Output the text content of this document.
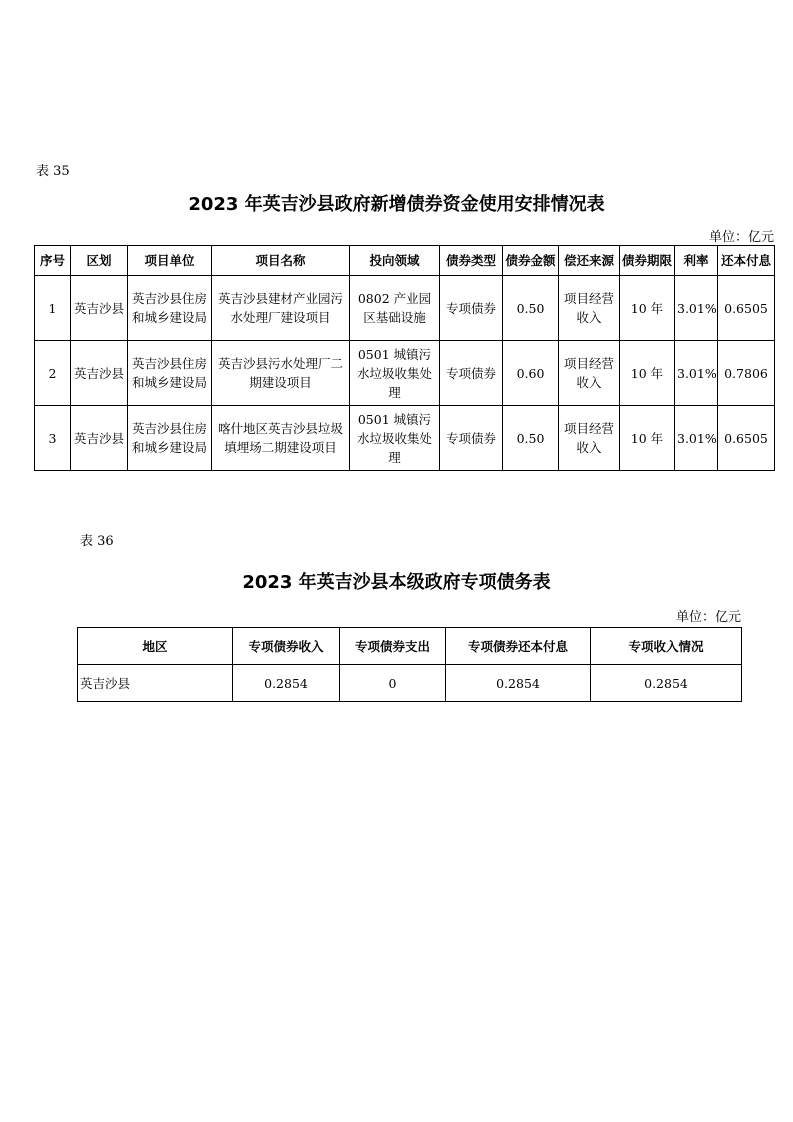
表 35
2023 年英吉沙县政府新增债券资金使用安排情况表
单位：亿元
序号	区划	项目单位	项目名称	投向领域	债券类型	债券金额	偿还来源	债券期限	利率	还本付息
1	英吉沙县	英吉沙县住房和城乡建设局	英吉沙县建材产业园污水处理厂建设项目	0802 产业园区基础设施	专项债券	0.50	项目经营收入	10 年	3.01%	0.6505
2	英吉沙县	英吉沙县住房和城乡建设局	英吉沙县污水处理厂二期建设项目	0501 城镇污水垃圾收集处理	专项债券	0.60	项目经营收入	10 年	3.01%	0.7806
3	英吉沙县	英吉沙县住房和城乡建设局	喀什地区英吉沙县垃圾填埋场二期建设项目	0501 城镇污水垃圾收集处理	专项债券	0.50	项目经营收入	10 年	3.01%	0.6505
表 36
2023 年英吉沙县本级政府专项债务表
单位：亿元
地区	专项债券收入	专项债券支出	专项债券还本付息	专项收入情况
英吉沙县	0.2854	0	0.2854	0.2854
